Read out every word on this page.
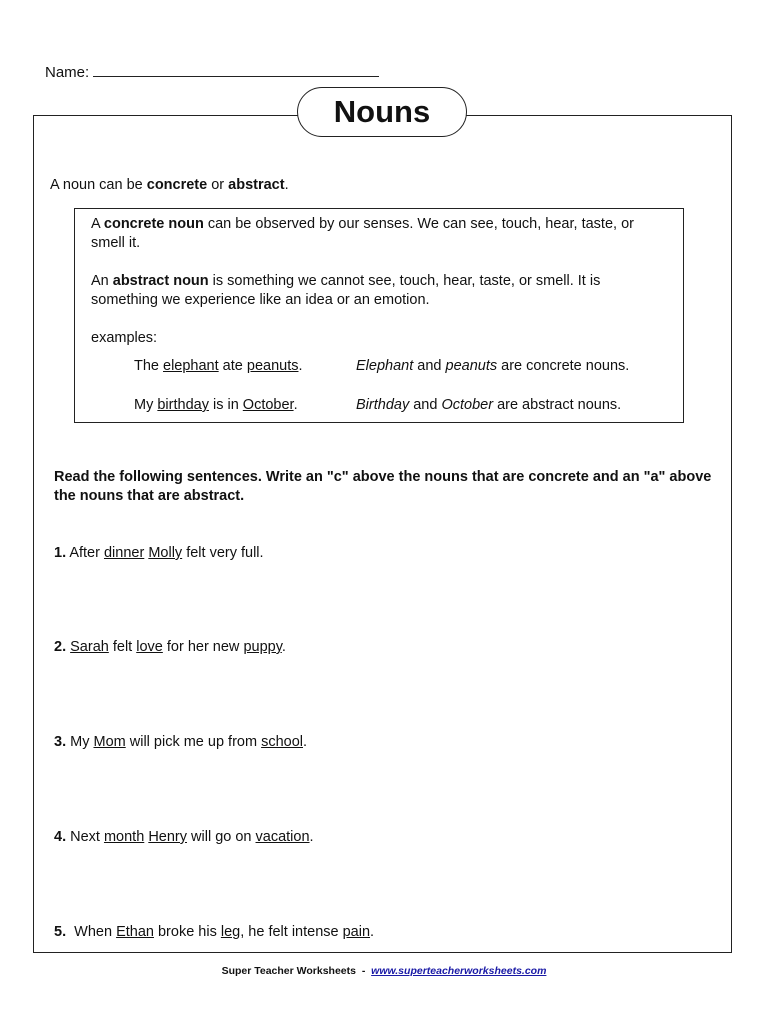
Name:
Nouns
A noun can be concrete or abstract.
A concrete noun can be observed by our senses. We can see, touch, hear, taste, or smell it.
An abstract noun is something we cannot see, touch, hear, taste, or smell. It is something we experience like an idea or an emotion.
examples:
The elephant ate peanuts.	Elephant and peanuts are concrete nouns.
My birthday is in October.	Birthday and October are abstract nouns.
Read the following sentences. Write an "c" above the nouns that are concrete and an "a" above the nouns that are abstract.
1. After dinner Molly felt very full.
2. Sarah felt love for her new puppy.
3. My Mom will pick me up from school.
4. Next month Henry will go on vacation.
5.  When Ethan broke his leg, he felt intense pain.
Super Teacher Worksheets  -  www.superteacherworksheets.com
